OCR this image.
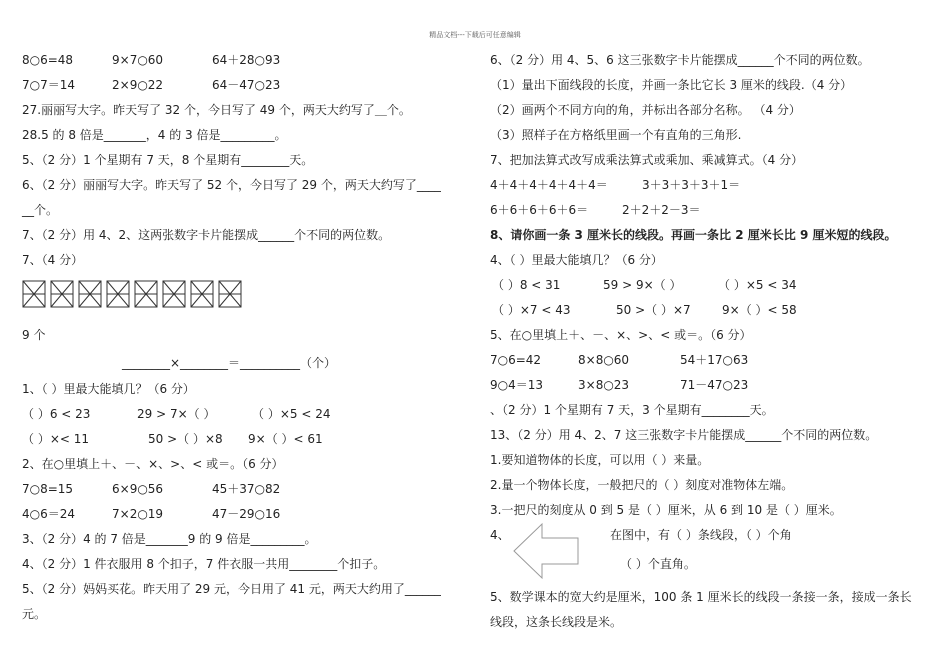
精品文档---下载后可任意编辑
8○6=48	9×7○60	64＋28○93
7○7＝14	2×9○22	64－47○23
27.丽丽写大字。昨天写了 32 个，今日写了 49 个，两天大约写了＿个。
28.5 的 8 倍是_______，4 的 3 倍是_________。
5、（2 分）1 个星期有 7 天，8 个星期有________天。
6、（2 分）丽丽写大字。昨天写了 52 个，今日写了 29 个，两天大约写了____
__个。
7、（2 分）用 4、2、这两张数字卡片能摆成______个不同的两位数。
7、（4 分）
9 个
________×________＝__________（个）
1、（ ）里最大能填几？（6 分）
（ ）6 < 23	29 > 7×（ ）	（ ）×5 < 24
（ ）×< 11	50 >（ ）×8 9×（ ）< 61
2、在○里填上＋、－、×、>、< 或＝。（6 分）
7○8=15	6×9○56	45＋37○82
4○6＝24	7×2○19	47－29○16
3、（2 分）4 的 7 倍是_______9 的 9 倍是_________。
4、（2 分）1 件衣服用 8 个扣子，7 件衣服一共用________个扣子。
5、（2 分）妈妈买花。昨天用了 29 元，今日用了 41 元，两天大约用了______
元。
6、（2 分）用 4、5、6 这三张数字卡片能摆成______个不同的两位数。
（1）量出下面线段的长度，并画一条比它长 3 厘米的线段.（4 分）
（2）画两个不同方向的角，并标出各部分名称。 （4 分）
（3）照样子在方格纸里画一个有直角的三角形.
7、把加法算式改写成乘法算式或乘加、乘减算式。（4 分）
4＋4＋4＋4＋4＋4＝	3＋3＋3＋3＋1＝
6＋6＋6＋6＋6＝	2＋2＋2－3＝
8、请你画一条 3 厘米长的线段。再画一条比 2 厘米长比 9 厘米短的线段。
4、（ ）里最大能填几？（6 分）
（ ）8 < 31	59 > 9×（ ）	（ ）×5 < 34
（ ）×7 < 43	50 >（ ）×7	9×（ ）< 58
5、在○里填上＋、－、×、>、< 或＝。（6 分）
7○6=42	8×8○60	54＋17○63
9○4＝13	3×8○23	71－47○23
、（2 分）1 个星期有 7 天，3 个星期有________天。
13、（2 分）用 4、2、7 这三张数字卡片能摆成______个不同的两位数。
1.要知道物体的长度，可以用（ ）来量。
2.量一个物体长度，一般把尺的（ ）刻度对准物体左端。
3.一把尺的刻度从 0 到 5 是（ ）厘米，从 6 到 10 是（ ）厘米。
4、	在图中，有（ ）条线段，（ ）个角
（ ）个直角。
5、数学课本的宽大约是厘米，100 条 1 厘米长的线段一条接一条，接成一条长
线段，这条长线段是米。
